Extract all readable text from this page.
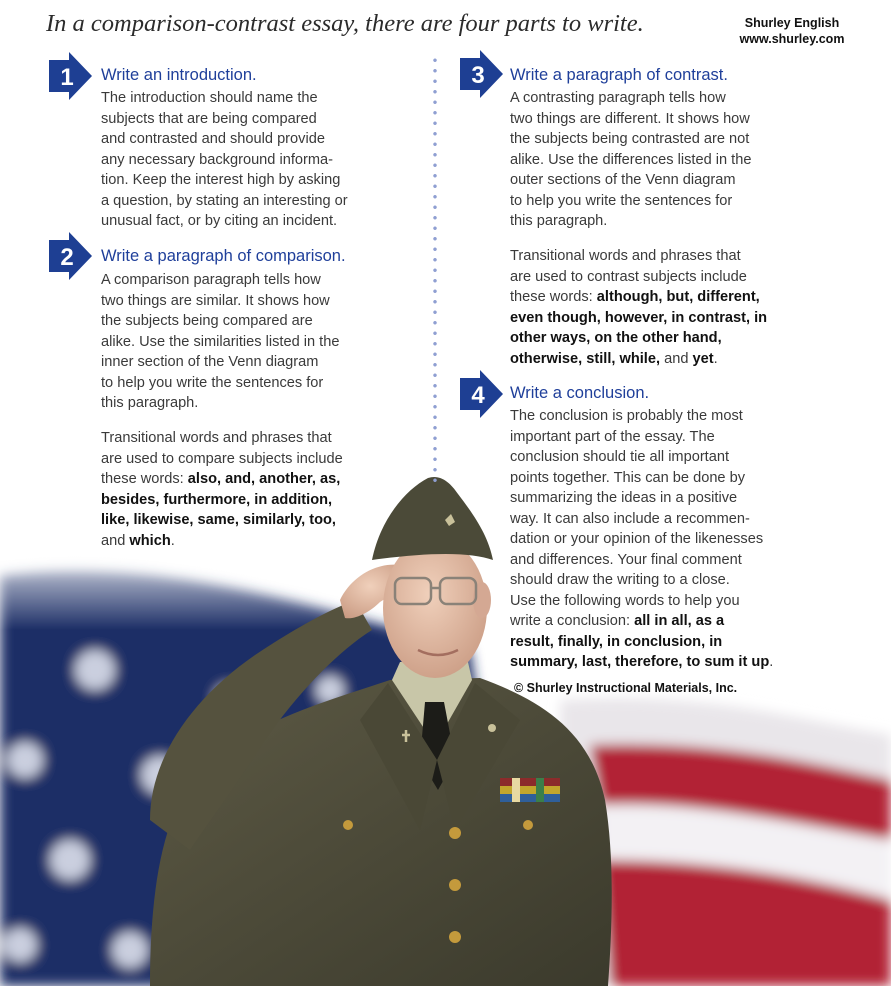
In a comparison-contrast essay, there are four parts to write.	Shurley English
www.shurley.com
1 Write an introduction.
The introduction should name the
subjects that are being compared
and contrasted and should provide
any necessary background informa-
tion. Keep the interest high by asking
a question, by stating an interesting or
unusual fact, or by citing an incident.
2 Write a paragraph of comparison.
A comparison paragraph tells how
two things are similar. It shows how
the subjects being compared are
alike. Use the similarities listed in the
inner section of the Venn diagram
to help you write the sentences for
this paragraph.
Transitional words and phrases that
are used to compare subjects include
these words: also, and, another, as,
besides, furthermore, in addition,
like, likewise, same, similarly, too,
and which.
3 Write a paragraph of contrast.
A contrasting paragraph tells how
two things are different. It shows how
the subjects being contrasted are not
alike. Use the differences listed in the
outer sections of the Venn diagram
to help you write the sentences for
this paragraph.
Transitional words and phrases that
are used to contrast subjects include
these words: although, but, different,
even though, however, in contrast, in
other ways, on the other hand,
otherwise, still, while, and yet.
4 Write a conclusion.
The conclusion is probably the most
important part of the essay. The
conclusion should tie all important
points together. This can be done by
summarizing the ideas in a positive
way. It can also include a recommen-
dation or your opinion of the likenesses
and differences. Your final comment
should draw the writing to a close.
Use the following words to help you
write a conclusion: all in all, as a
result, finally, in conclusion, in
summary, last, therefore, to sum it up.
© Shurley Instructional Materials, Inc.
